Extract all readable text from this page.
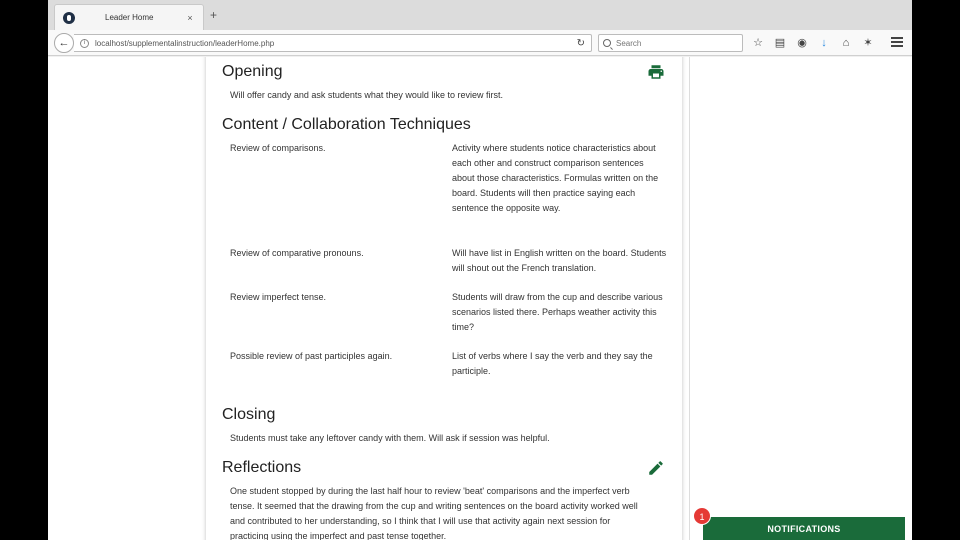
Leader Home	× +
←	i	localhost/supplementalinstruction/leaderHome.php	↻
Search	☆ ▤ ◉	↓	⌂	✶
Opening
Will offer candy and ask students what they would like to review first.
Content / Collaboration Techniques
Review of comparisons.	Activity where students notice characteristics about each other and construct comparison sentences about those characteristics. Formulas written on the board. Students will then practice saying each sentence the opposite way.
Review of comparative pronouns.	Will have list in English written on the board. Students will shout out the French translation.
Review imperfect tense.	Students will draw from the cup and describe various scenarios listed there. Perhaps weather activity this time?
Possible review of past participles again.	List of verbs where I say the verb and they say the participle.
Closing
Students must take any leftover candy with them. Will ask if session was helpful.
Reflections
One student stopped by during the last half hour to review 'beat' comparisons and the imperfect verb tense. It seemed that the drawing from the cup and writing sentences on the board activity worked well and contributed to her understanding, so I think that I will use that activity again next session for practicing using the imperfect and past tense together.
NOTIFICATIONS
1
